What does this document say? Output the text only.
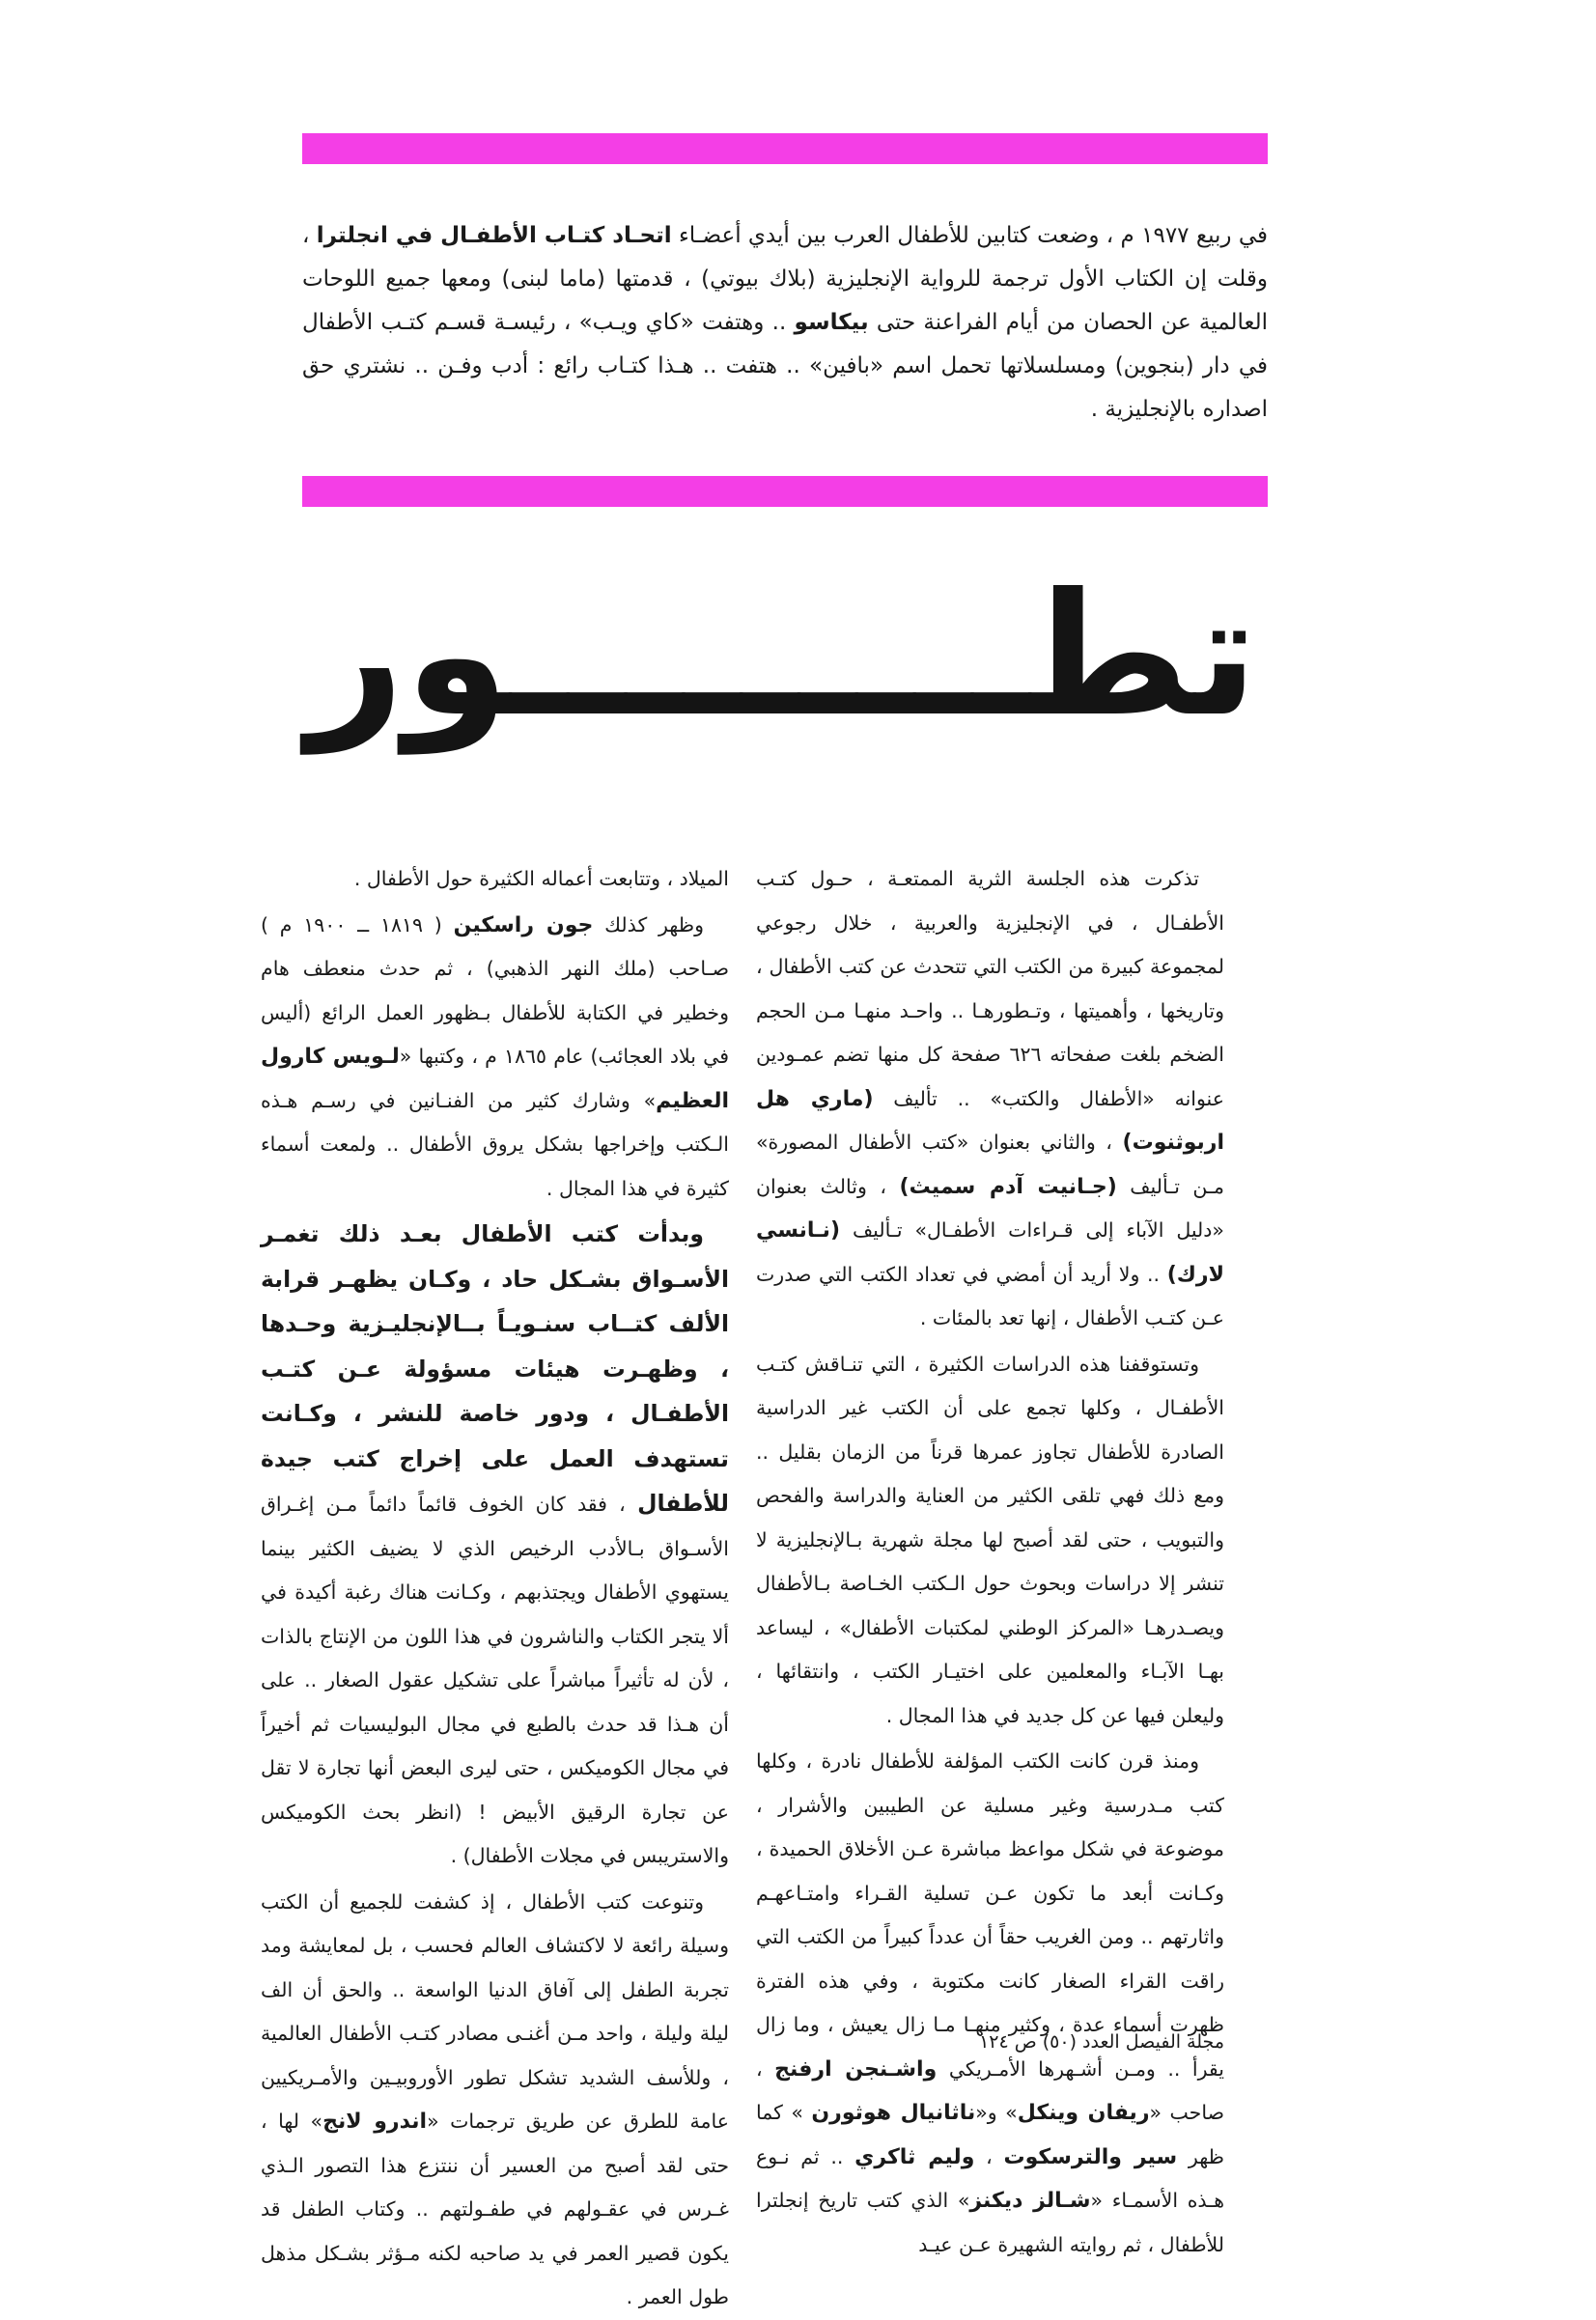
في ربيع ١٩٧٧ م ، وضعت كتابين للأطفال العرب بين أيدي أعضـاء اتحـاد كتـاب الأطفـال في انجلترا ، وقلت إن الكتاب الأول ترجمة للرواية الإنجليزية (بلاك بيوتي) ، قدمتها (ماما لبنى) ومعها جميع اللوحات العالمية عن الحصان من أيام الفراعنة حتى بيكاسو .. وهتفت «كاي ويـب» ، رئيسـة قسـم كتـب الأطفال في دار (بنجوين) ومسلسلاتها تحمل اسم «بافين» .. هتفت .. هـذا كتـاب رائع : أدب وفـن .. نشتري حق اصداره بالإنجليزية .

تطـــــــــور

تذكرت هذه الجلسة الثرية الممتعـة ، حـول كتـب الأطفـال ، في الإنجليزية والعربية ، خلال رجوعي لمجموعة كبيرة من الكتب التي تتحدث عن كتب الأطفال ، وتاريخها ، وأهميتها ، وتـطورهـا .. واحـد منهـا مـن الحجم الضخم بلغت صفحاته ٦٢٦ صفحة كل منها تضم عمـودين عنوانه «الأطفال والكتب» .. تأليف (ماري هل اربوثنوت) ، والثاني بعنوان «كتب الأطفال المصورة» مـن تـأليف (جـانيت آدم سميث) ، وثالث بعنوان «دليل الآباء إلى قـراءات الأطفـال» تـأليف (نـانسي لارك) .. ولا أريد أن أمضي في تعداد الكتب التي صدرت عـن كتـب الأطفال ، إنها تعد بالمئات .

وتستوقفنا هذه الدراسات الكثيرة ، التي تنـاقش كتـب الأطفـال ، وكلها تجمع على أن الكتب غير الدراسية الصادرة للأطفال تجاوز عمرها قرناً من الزمان بقليل .. ومع ذلك فهي تلقى الكثير من العناية والدراسة والفحص والتبويب ، حتى لقد أصبح لها مجلة شهرية بـالإنجليزية لا تنشر إلا دراسات وبحوث حول الـكتب الخـاصة بـالأطفال ويصـدرهـا «المركز الوطني لمكتبات الأطفال» ، ليساعد بهـا الآبـاء والمعلمين على اختيـار الكتب ، وانتقائها ، وليعلن فيها عن كل جديد في هذا المجال .

ومنذ قرن كانت الكتب المؤلفة للأطفال نادرة ، وكلها كتب مـدرسية وغير مسلية عن الطيبين والأشرار ، موضوعة في شكل مواعظ مباشرة عـن الأخلاق الحميدة ، وكـانت أبعد ما تكون عـن تسلية القـراء وامتـاعهـم واثارتهم .. ومن الغريب حقاً أن عدداً كبيراً من الكتب التي راقت القراء الصغار كانت مكتوبة ، وفي هذه الفترة ظهرت أسماء عدة ، وكثير منهـا مـا زال يعيش ، وما زال يقرأ .. ومـن أشـهرها الأمـريكي واشـنجن ارفنج ، صاحب «ريفان وينكل» و«ناثانيال هوثورن » كما ظهر سير والترسكوت ، وليم ثاكري .. ثم نـوع هـذه الأسمـاء «شـالز ديكنز» الذي كتب تاريخ إنجلترا للأطفال ، ثم روايته الشهيرة عـن عيـد

الميلاد ، وتتابعت أعماله الكثيرة حول الأطفال .

وظهر كذلك جون راسكين ( ١٨١٩ ــ ١٩٠٠ م ) صـاحب (ملك النهر الذهبي) ، ثم حدث منعطف هام وخطير في الكتابة للأطفال بـظهور العمل الرائع (أليس في بلاد العجائب) عام ١٨٦٥ م ، وكتبها «لـويس كارول العظيم» وشارك كثير من الفنـانين في رسـم هـذه الـكتب وإخراجها بشكل يروق الأطفال .. ولمعت أسماء كثيرة في هذا المجال .

وبدأت كتب الأطفال بعـد ذلك تغمـر الأسـواق بشـكل حاد ، وكـان يظهـر قرابة الألف كتــاب سنـويـاً بــالإنجليـزية وحـدها ، وظهـرت هيئات مسؤولة عـن كتـب الأطفـال ، ودور خاصة للنشر ، وكـانت تستهدف العمل على إخراج كتب جيدة للأطفال ، فقد كان الخوف قائماً دائماً مـن إغـراق الأسـواق بـالأدب الرخيص الذي لا يضيف الكثير بينما يستهوي الأطفال ويجتذبهم ، وكـانت هناك رغبة أكيدة في ألا يتجر الكتاب والناشرون في هذا اللون من الإنتاج بالذات ، لأن له تأثيراً مباشراً على تشكيل عقول الصغار .. على أن هـذا قد حدث بالطبع في مجال البوليسيات ثم أخيراً في مجال الكوميكس ، حتى ليرى البعض أنها تجارة لا تقل عن تجارة الرقيق الأبيض ! (انظر بحث الكوميكس والاستريبس في مجلات الأطفال) .

وتنوعت كتب الأطفال ، إذ كشفت للجميع أن الكتب وسيلة رائعة لا لاكتشاف العالم فحسب ، بل لمعايشة ومد تجربة الطفل إلى آفاق الدنيا الواسعة .. والحق أن الف ليلة وليلة ، واحد مـن أغنـى مصادر كتـب الأطفال العالمية ، وللأسف الشديد تشكل تطور الأوروبيـين والأمـريكيين عامة للطرق عن طريق ترجمات «اندرو لانج» لها ، حتى لقد أصبح من العسير أن ننتزع هذا التصور الـذي غـرس في عقـولهم في طفـولتهم .. وكتاب الطفل قد يكون قصير العمر في يد صاحبه لكنه مـؤثر بشـكل مذهل طول العمر .

مجلة الفيصل العدد (٥٠) ص ١٢٤
